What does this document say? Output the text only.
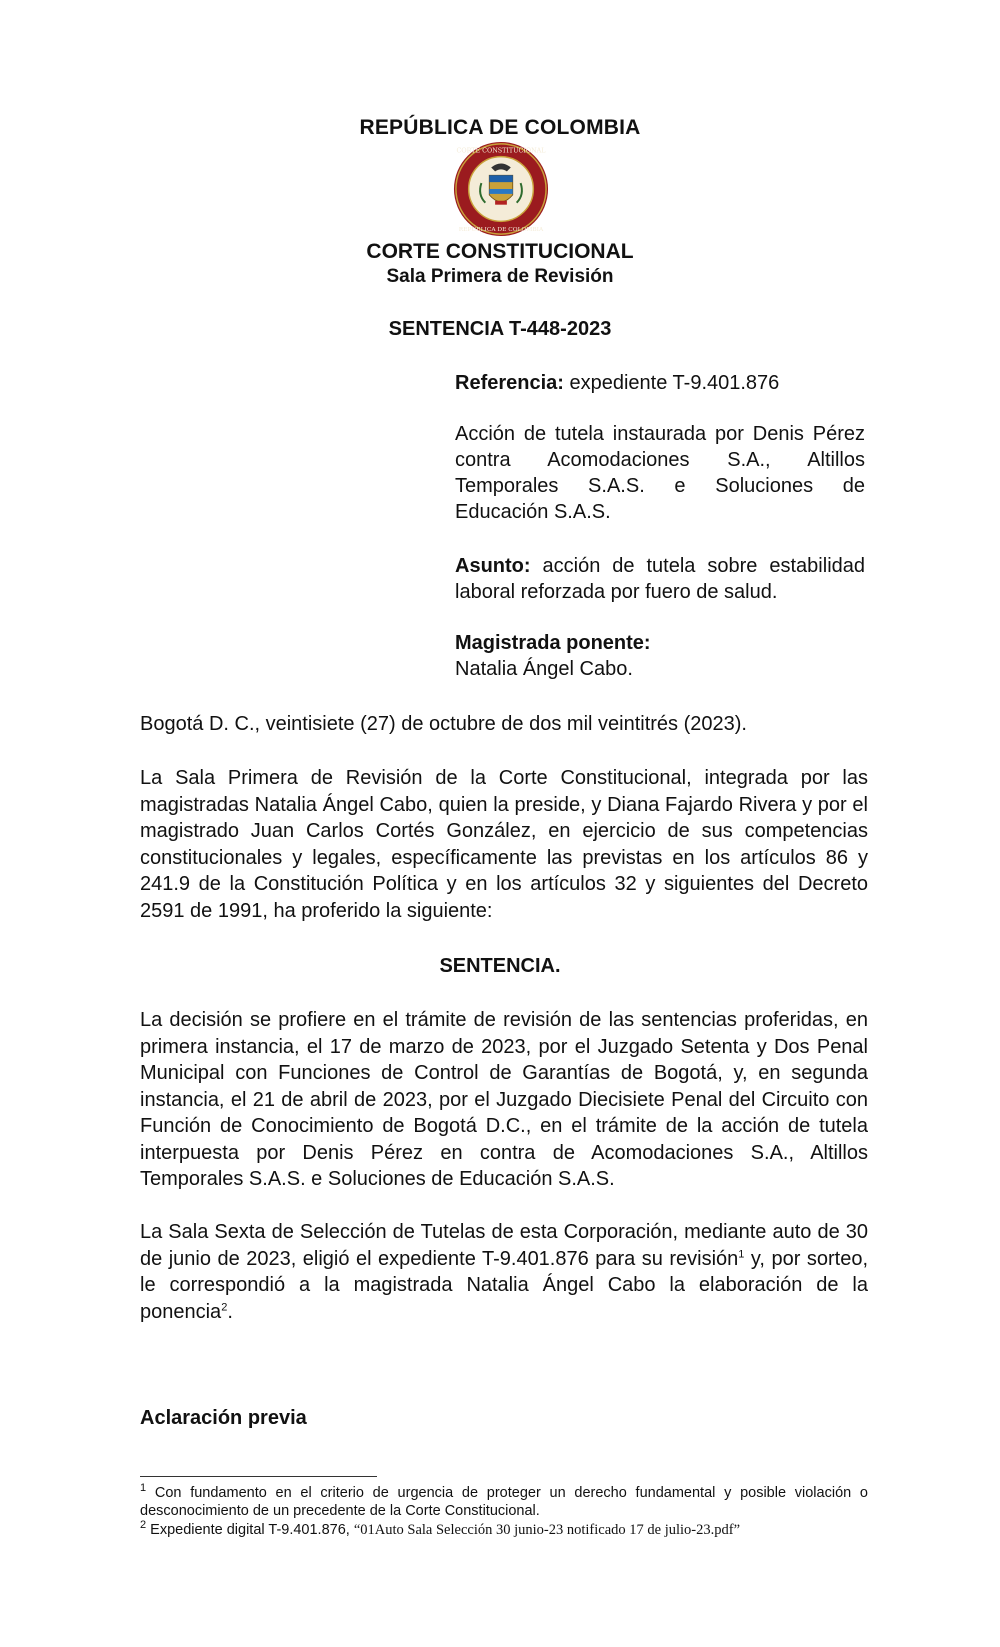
REPÚBLICA DE COLOMBIA
CORTE CONSTITUCIONAL
REPÚBLICA DE COLOMBIA
CORTE CONSTITUCIONAL
Sala Primera de Revisión
SENTENCIA T-448-2023
Referencia: expediente T-9.401.876
Acción de tutela instaurada por Denis Pérez contra Acomodaciones S.A., Altillos Temporales S.A.S. e Soluciones de Educación S.A.S.
Asunto: acción de tutela sobre estabilidad laboral reforzada por fuero de salud.
Magistrada ponente:
Natalia Ángel Cabo.
Bogotá D. C., veintisiete (27) de octubre de dos mil veintitrés (2023).
La Sala Primera de Revisión de la Corte Constitucional, integrada por las magistradas Natalia Ángel Cabo, quien la preside, y Diana Fajardo Rivera y por el magistrado Juan Carlos Cortés González, en ejercicio de sus competencias constitucionales y legales, específicamente las previstas en los artículos 86 y 241.9 de la Constitución Política y en los artículos 32 y siguientes del Decreto 2591 de 1991, ha proferido la siguiente:
SENTENCIA.
La decisión se profiere en el trámite de revisión de las sentencias proferidas, en primera instancia, el 17 de marzo de 2023, por el Juzgado Setenta y Dos Penal Municipal con Funciones de Control de Garantías de Bogotá, y, en segunda instancia, el 21 de abril de 2023, por el Juzgado Diecisiete Penal del Circuito con Función de Conocimiento de Bogotá D.C., en el trámite de la acción de tutela interpuesta por Denis Pérez en contra de Acomodaciones S.A., Altillos Temporales S.A.S. e Soluciones de Educación S.A.S.
La Sala Sexta de Selección de Tutelas de esta Corporación, mediante auto de 30 de junio de 2023, eligió el expediente T-9.401.876 para su revisión$^1$ y, por sorteo, le correspondió a la magistrada Natalia Ángel Cabo la elaboración de la ponencia$^2$.
Aclaración previa
$^1$ Con fundamento en el criterio de urgencia de proteger un derecho fundamental y posible violación o desconocimiento de un precedente de la Corte Constitucional.
$^2$ Expediente digital T-9.401.876, “01Auto Sala Selección 30 junio-23 notificado 17 de julio-23.pdf”
